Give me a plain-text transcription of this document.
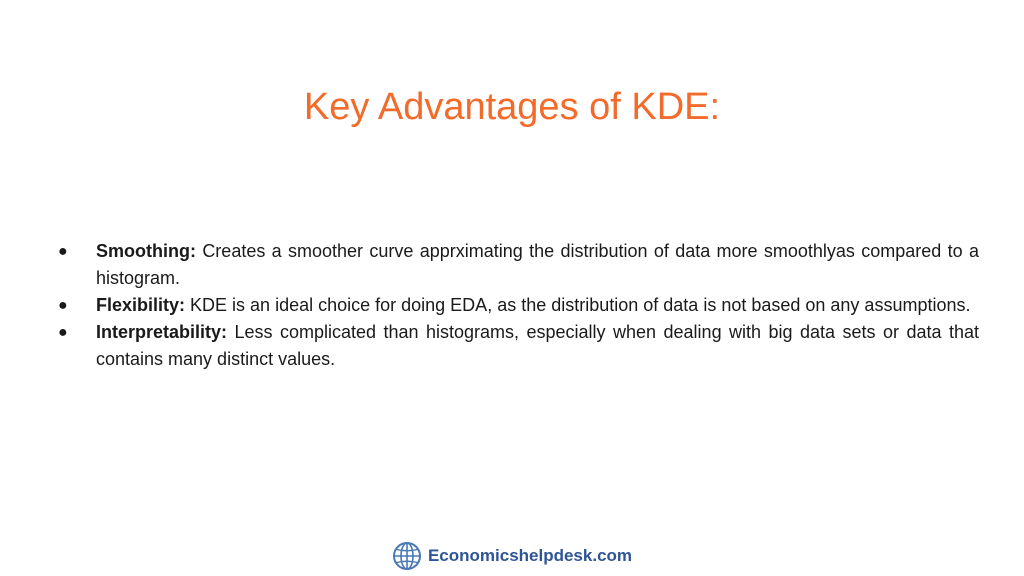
Key Advantages of KDE:
● Smoothing: Creates a smoother curve apprximating the distribution of data more smoothlyas compared to a histogram.
● Flexibility: KDE is an ideal choice for doing EDA, as the distribution of data is not based on any assumptions.
● Interpretability: Less complicated than histograms, especially when dealing with big data sets or data that contains many distinct values.
Economicshelpdesk.com
